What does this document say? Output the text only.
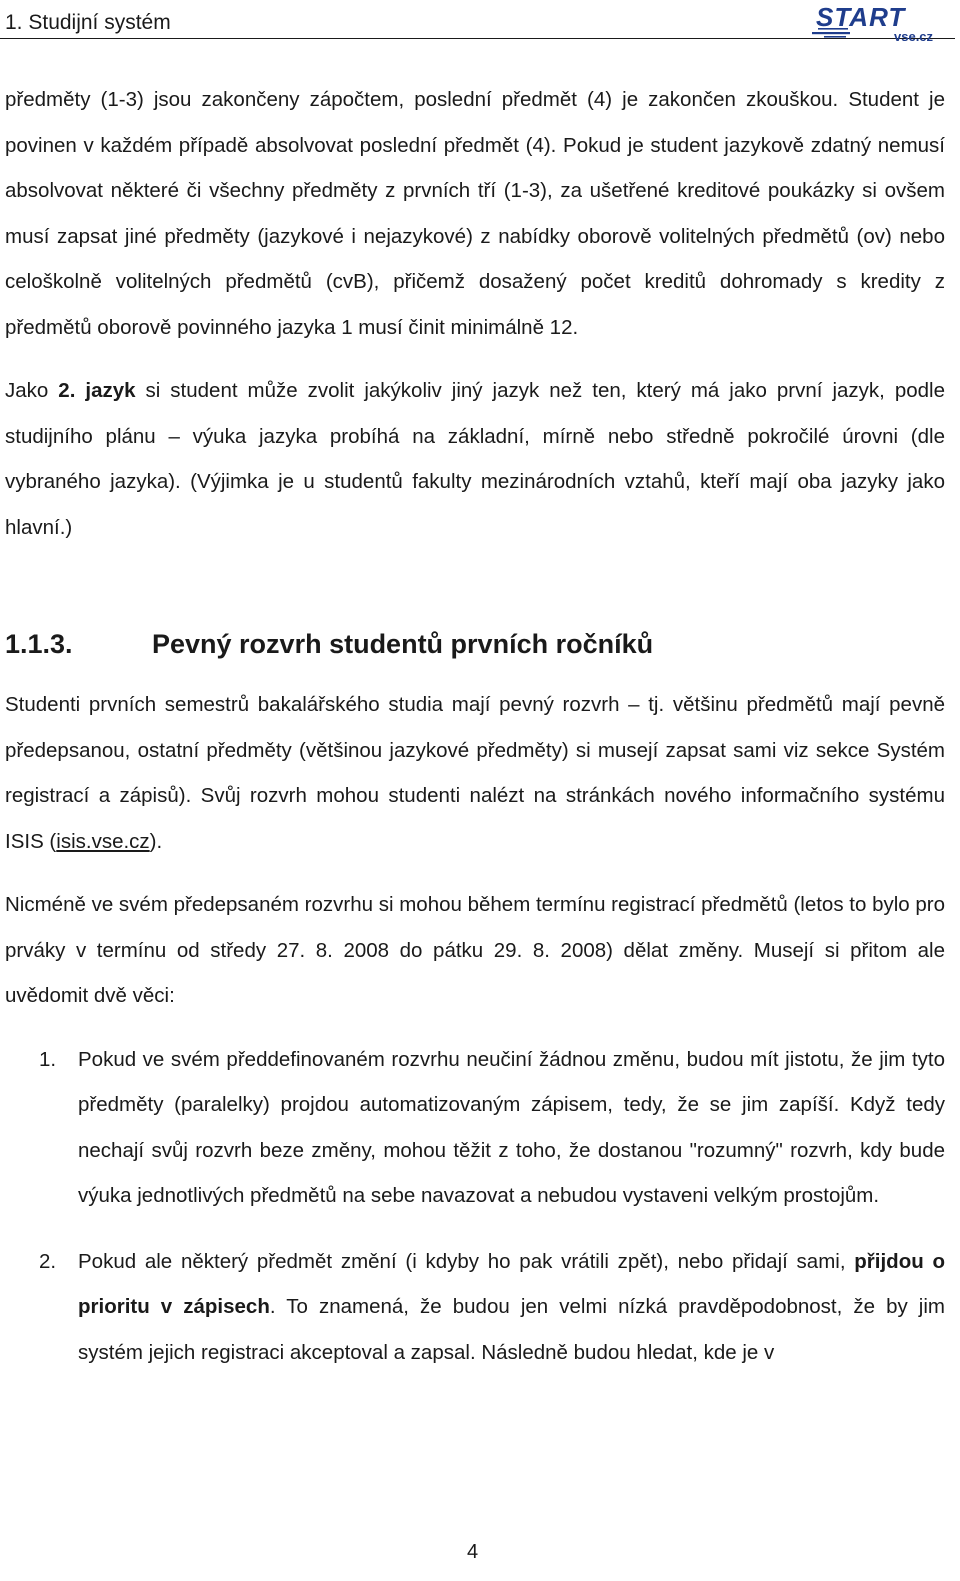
1. Studijní systém	START
vse.cz

předměty (1-3) jsou zakončeny zápočtem, poslední předmět (4) je zakončen zkouškou. Student je povinen v každém případě absolvovat poslední předmět (4). Pokud je student jazykově zdatný nemusí absolvovat některé či všechny předměty z prvních tří (1-3), za ušetřené kreditové poukázky si ovšem musí zapsat jiné předměty (jazykové i nejazykové) z nabídky oborově volitelných předmětů (ov) nebo celoškolně volitelných předmětů (cvB), přičemž dosažený počet kreditů dohromady s kredity z předmětů oborově povinného jazyka 1 musí činit minimálně 12.

Jako 2. jazyk si student může zvolit jakýkoliv jiný jazyk než ten, který má jako první jazyk, podle studijního plánu – výuka jazyka probíhá na základní, mírně nebo středně pokročilé úrovni (dle vybraného jazyka). (Výjimka je u studentů fakulty mezinárodních vztahů, kteří mají oba jazyky jako hlavní.)

1.1.3.	Pevný rozvrh studentů prvních ročníků

Studenti prvních semestrů bakalářského studia mají pevný rozvrh – tj. většinu předmětů mají pevně předepsanou, ostatní předměty (většinou jazykové předměty) si musejí zapsat sami viz sekce Systém registrací a zápisů). Svůj rozvrh mohou studenti nalézt na stránkách nového informačního systému ISIS (isis.vse.cz).

Nicméně ve svém předepsaném rozvrhu si mohou během termínu registrací předmětů (letos to bylo pro prváky v termínu od středy 27. 8. 2008 do pátku 29. 8. 2008) dělat změny. Musejí si přitom ale uvědomit dvě věci:

1. Pokud ve svém předdefinovaném rozvrhu neučiní žádnou změnu, budou mít jistotu, že jim tyto předměty (paralelky) projdou automatizovaným zápisem, tedy, že se jim zapíší. Když tedy nechají svůj rozvrh beze změny, mohou těžit z toho, že dostanou "rozumný" rozvrh, kdy bude výuka jednotlivých předmětů na sebe navazovat a nebudou vystaveni velkým prostojům.
2. Pokud ale některý předmět změní (i kdyby ho pak vrátili zpět), nebo přidají sami, přijdou o prioritu v zápisech. To znamená, že budou jen velmi nízká pravděpodobnost, že by jim systém jejich registraci akceptoval a zapsal. Následně budou hledat, kde je v
4
